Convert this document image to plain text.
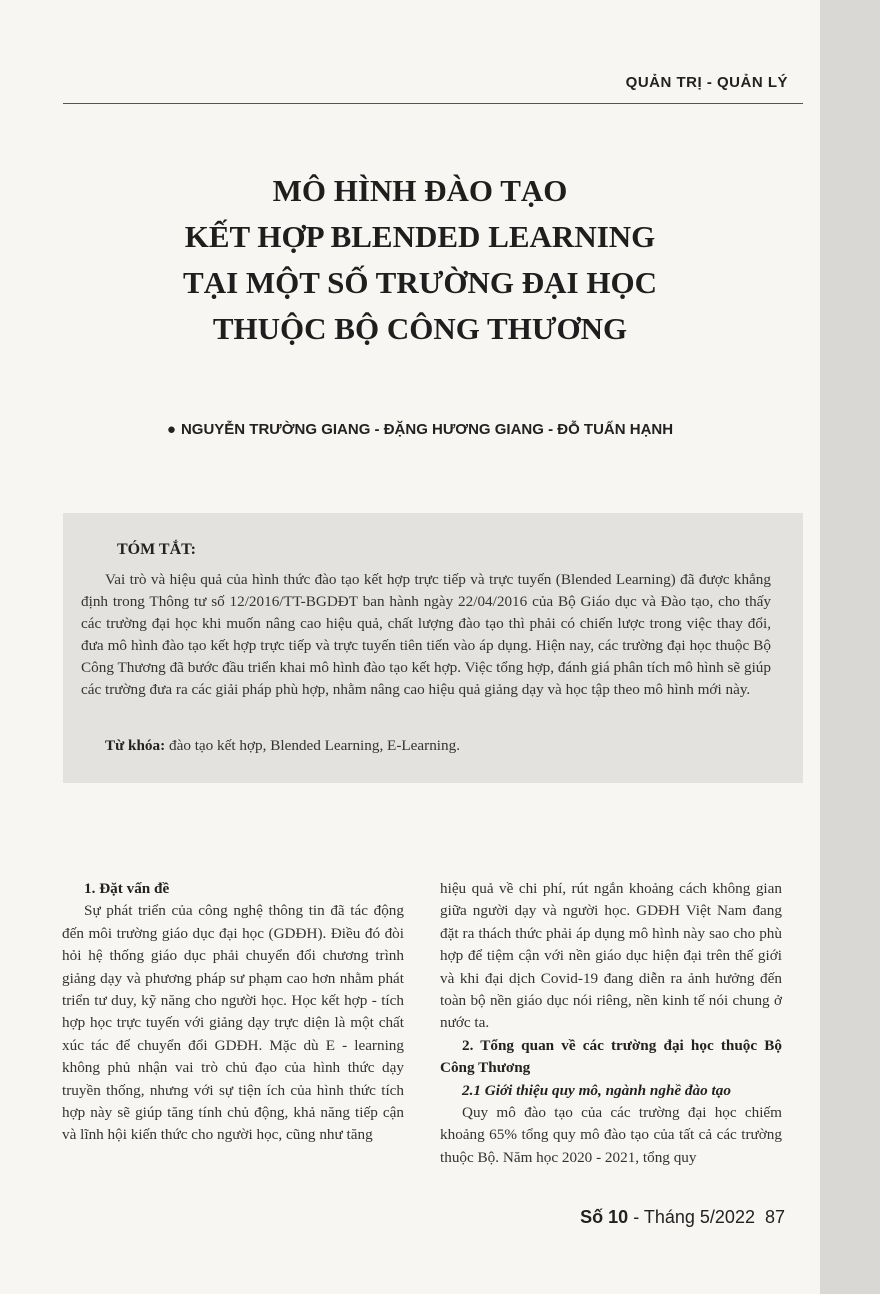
QUẢN TRỊ - QUẢN LÝ

MÔ HÌNH ĐÀO TẠO
KẾT HỢP BLENDED LEARNING
TẠI MỘT SỐ TRƯỜNG ĐẠI HỌC
THUỘC BỘ CÔNG THƯƠNG

● NGUYỄN TRƯỜNG GIANG - ĐẶNG HƯƠNG GIANG - ĐỖ TUẤN HẠNH

TÓM TẮT:

Vai trò và hiệu quả của hình thức đào tạo kết hợp trực tiếp và trực tuyến (Blended Learning) đã được khẳng định trong Thông tư số 12/2016/TT-BGDĐT ban hành ngày 22/04/2016 của Bộ Giáo dục và Đào tạo, cho thấy các trường đại học khi muốn nâng cao hiệu quả, chất lượng đào tạo thì phải có chiến lược trong việc thay đổi, đưa mô hình đào tạo kết hợp trực tiếp và trực tuyến tiên tiến vào áp dụng. Hiện nay, các trường đại học thuộc Bộ Công Thương đã bước đầu triển khai mô hình đào tạo kết hợp. Việc tổng hợp, đánh giá phân tích mô hình sẽ giúp các trường đưa ra các giải pháp phù hợp, nhằm nâng cao hiệu quả giảng dạy và học tập theo mô hình mới này.

Từ khóa: đào tạo kết hợp, Blended Learning, E-Learning.

1. Đặt vấn đề

Sự phát triển của công nghệ thông tin đã tác động đến môi trường giáo dục đại học (GDĐH). Điều đó đòi hỏi hệ thống giáo dục phải chuyển đổi chương trình giảng dạy và phương pháp sư phạm cao hơn nhằm phát triển tư duy, kỹ năng cho người học. Học kết hợp - tích hợp học trực tuyến với giảng dạy trực diện là một chất xúc tác để chuyển đổi GDĐH. Mặc dù E - learning không phủ nhận vai trò chủ đạo của hình thức dạy truyền thống, nhưng với sự tiện ích của hình thức tích hợp này sẽ giúp tăng tính chủ động, khả năng tiếp cận và lĩnh hội kiến thức cho người học, cũng như tăng

hiệu quả về chi phí, rút ngắn khoảng cách không gian giữa người dạy và người học. GDĐH Việt Nam đang đặt ra thách thức phải áp dụng mô hình này sao cho phù hợp để tiệm cận với nền giáo dục hiện đại trên thế giới và khi đại dịch Covid-19 đang diễn ra ảnh hưởng đến toàn bộ nền giáo dục nói riêng, nền kinh tế nói chung ở nước ta.

2. Tổng quan về các trường đại học thuộc Bộ Công Thương
2.1 Giới thiệu quy mô, ngành nghề đào tạo

Quy mô đào tạo của các trường đại học chiếm khoảng 65% tổng quy mô đào tạo của tất cả các trường thuộc Bộ. Năm học 2020 - 2021, tổng quy

Số 10 - Tháng 5/2022 87
